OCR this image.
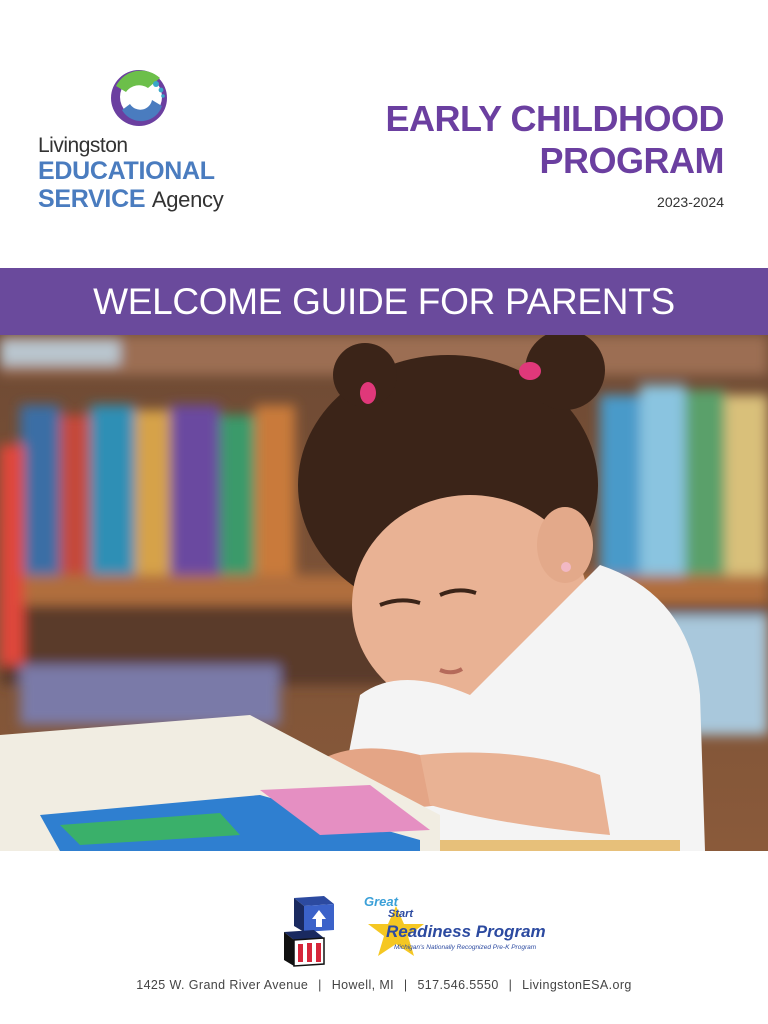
Livingston
EDUCATIONAL
SERVICE Agency
EARLY CHILDHOOD
PROGRAM
2023-2024
WELCOME GUIDE FOR PARENTS
Great
Start
Readiness Program
Michigan's Nationally Recognized Pre-K Program
1425 W. Grand River Avenue | Howell, MI | 517.546.5550 | LivingstonESA.org
